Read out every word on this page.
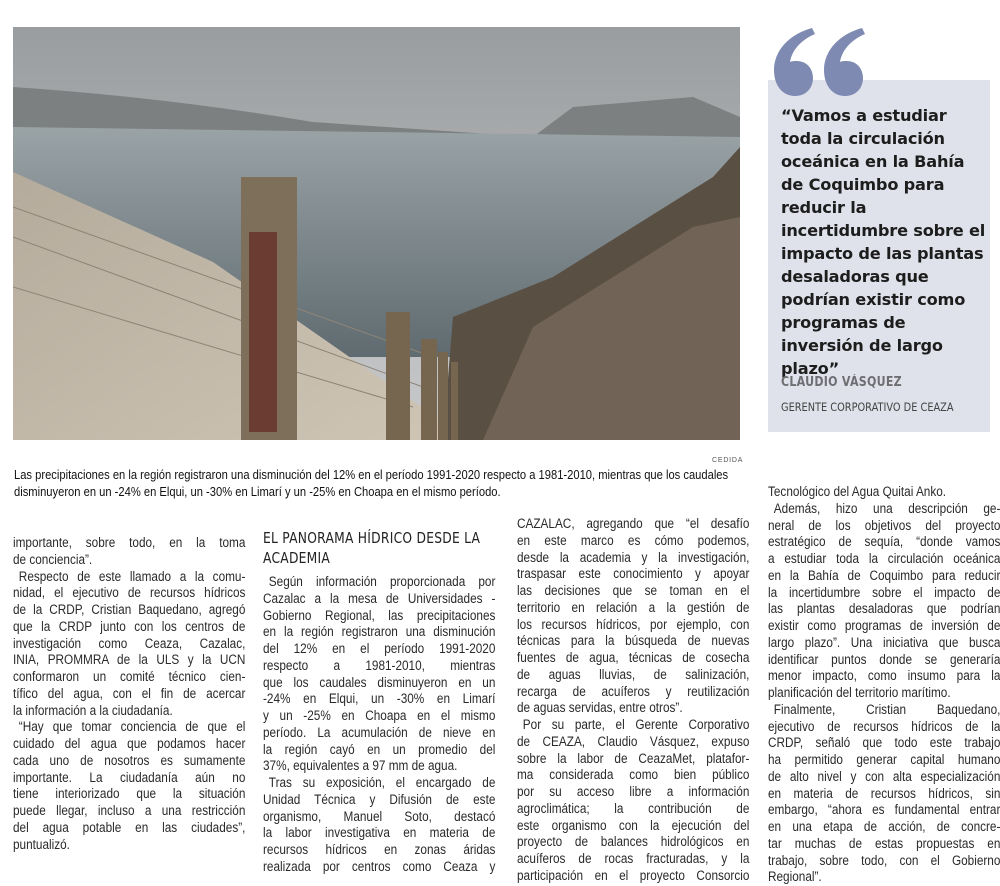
CEDIDA
Las precipitaciones en la región registraron una disminución del 12% en el período 1991-2020 respecto a 1981-2010, mientras que los caudales disminuyeron en un -24% en Elqui, un -30% en Limarí y un -25% en Choapa en el mismo período.
“Vamos a estudiar toda la circulación oceánica en la Bahía de Coquimbo para reducir la incertidumbre sobre el impacto de las plantas desaladoras que podrían existir como programas de inversión de largo plazo”
CLAUDIO VÁSQUEZ
GERENTE CORPORATIVO DE CEAZA
EL PANORAMA HÍDRICO DESDE LA ACADEMIA
importante, sobre todo, en la toma
de conciencia”.
Respecto de este llamado a la comu-
nidad, el ejecutivo de recursos hídricos
de la CRDP, Cristian Baquedano, agregó
que la CRDP junto con los centros de
investigación como Ceaza, Cazalac,
INIA, PROMMRA de la ULS y la UCN
conformaron un comité técnico cien-
tífico del agua, con el fin de acercar
la información a la ciudadanía.
“Hay que tomar conciencia de que el
cuidado del agua que podamos hacer
cada uno de nosotros es sumamente
importante. La ciudadanía aún no
tiene interiorizado que la situación
puede llegar, incluso a una restricción
del agua potable en las ciudades”,
puntualizó.
Según información proporcionada por
Cazalac a la mesa de Universidades -
Gobierno Regional, las precipitaciones
en la región registraron una disminución
del 12% en el período 1991-2020
respecto a 1981-2010, mientras
que los caudales disminuyeron en un
-24% en Elqui, un -30% en Limarí
y un -25% en Choapa en el mismo
período. La acumulación de nieve en
la región cayó en un promedio del
37%, equivalentes a 97 mm de agua.
Tras su exposición, el encargado de
Unidad Técnica y Difusión de este
organismo, Manuel Soto, destacó
la labor investigativa en materia de
recursos hídricos en zonas áridas
realizada por centros como Ceaza y
CAZALAC, agregando que “el desafío
en este marco es cómo podemos,
desde la academia y la investigación,
traspasar este conocimiento y apoyar
las decisiones que se toman en el
territorio en relación a la gestión de
los recursos hídricos, por ejemplo, con
técnicas para la búsqueda de nuevas
fuentes de agua, técnicas de cosecha
de aguas lluvias, de salinización,
recarga de acuíferos y reutilización
de aguas servidas, entre otros”.
Por su parte, el Gerente Corporativo
de CEAZA, Claudio Vásquez, expuso
sobre la labor de CeazaMet, platafor-
ma considerada como bien público
por su acceso libre a información
agroclimática; la contribución de
este organismo con la ejecución del
proyecto de balances hidrológicos en
acuíferos de rocas fracturadas, y la
participación en el proyecto Consorcio
Tecnológico del Agua Quitai Anko.
Además, hizo una descripción ge-
neral de los objetivos del proyecto
estratégico de sequía, “donde vamos
a estudiar toda la circulación oceánica
en la Bahía de Coquimbo para reducir
la incertidumbre sobre el impacto de
las plantas desaladoras que podrían
existir como programas de inversión de
largo plazo”. Una iniciativa que busca
identificar puntos donde se generaría
menor impacto, como insumo para la
planificación del territorio marítimo.
Finalmente, Cristian Baquedano,
ejecutivo de recursos hídricos de la
CRDP, señaló que todo este trabajo
ha permitido generar capital humano
de alto nivel y con alta especialización
en materia de recursos hídricos, sin
embargo, “ahora es fundamental entrar
en una etapa de acción, de concre-
tar muchas de estas propuestas en
trabajo, sobre todo, con el Gobierno
Regional”.
